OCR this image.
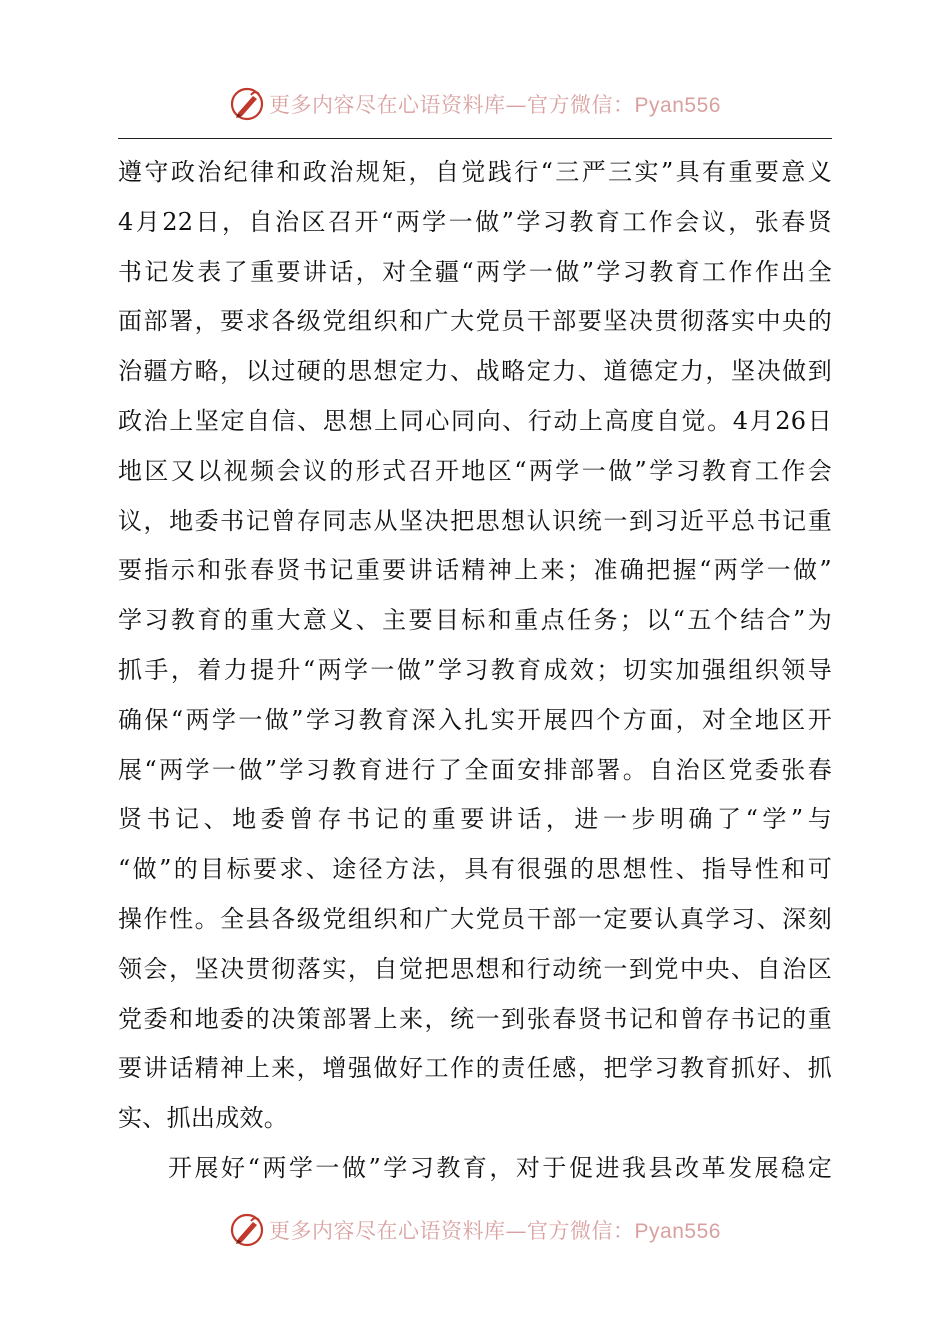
更多内容尽在心语资料库—官方微信：Pyan556
遵守政治纪律和政治规矩，自觉践行“三严三实”具有重要意义
4月22日，自治区召开“两学一做”学习教育工作会议，张春贤
书记发表了重要讲话，对全疆“两学一做”学习教育工作作出全
面部署，要求各级党组织和广大党员干部要坚决贯彻落实中央的
治疆方略，以过硬的思想定力、战略定力、道德定力，坚决做到
政治上坚定自信、思想上同心同向、行动上高度自觉。4月26日
地区又以视频会议的形式召开地区“两学一做”学习教育工作会
议，地委书记曾存同志从坚决把思想认识统一到习近平总书记重
要指示和张春贤书记重要讲话精神上来；准确把握“两学一做”
学习教育的重大意义、主要目标和重点任务；以“五个结合”为
抓手，着力提升“两学一做”学习教育成效；切实加强组织领导
确保“两学一做”学习教育深入扎实开展四个方面，对全地区开
展“两学一做”学习教育进行了全面安排部署。自治区党委张春
贤书记、地委曾存书记的重要讲话，进一步明确了“学”与
“做”的目标要求、途径方法，具有很强的思想性、指导性和可
操作性。全县各级党组织和广大党员干部一定要认真学习、深刻
领会，坚决贯彻落实，自觉把思想和行动统一到党中央、自治区
党委和地委的决策部署上来，统一到张春贤书记和曾存书记的重
要讲话精神上来，增强做好工作的责任感，把学习教育抓好、抓
实、抓出成效。
开展好“两学一做”学习教育，对于促进我县改革发展稳定
更多内容尽在心语资料库—官方微信：Pyan556
